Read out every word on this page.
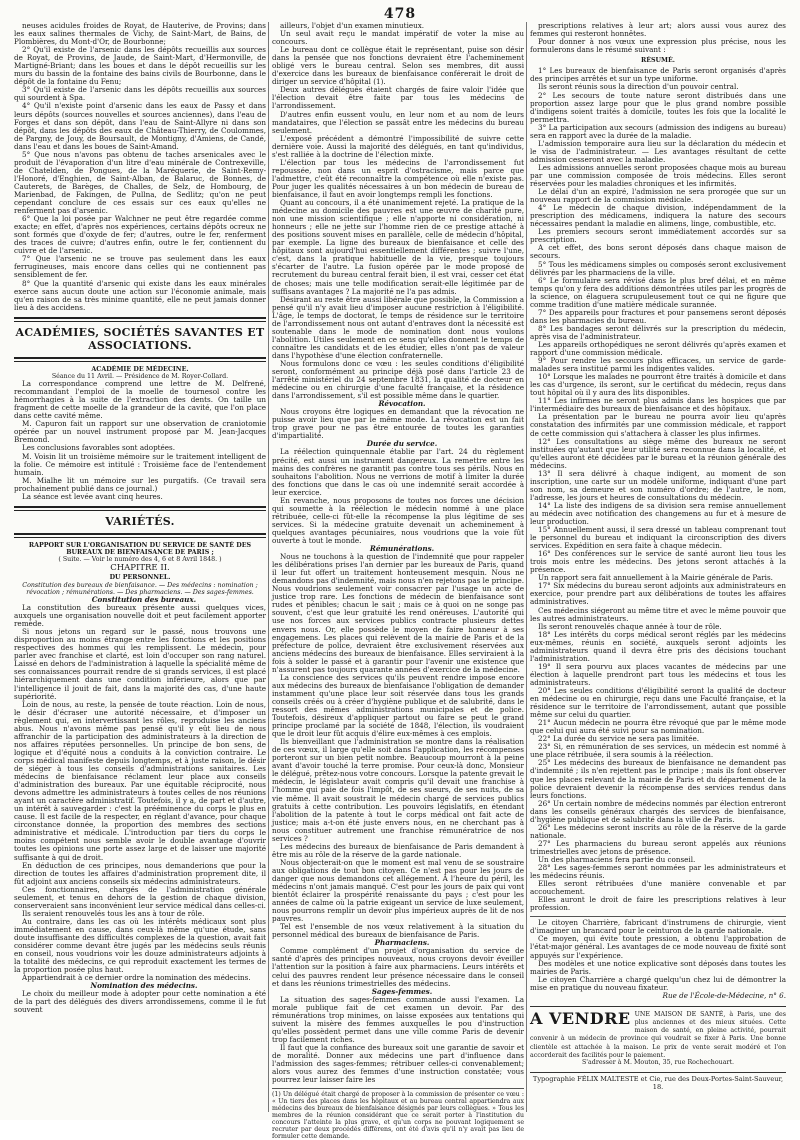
478

neuses acidules froides de Royat, de Hauterive, de Provins; dans les eaux salines thermales de Vichy, de Saint-Mart, de Bains, de Plombières, du Mont-d'Or, de Bourbonne;

2° Qu'il existe de l'arsenic dans les dépôts recueillis aux sources de Royat, de Provins, de Jaude, de Saint-Mart, d'Hermonville, de Martigné-Briant; dans les boues et dans le dépôt recueillis sur les murs du bassin de la fontaine des bains civils de Bourbonne, dans le dépôt de la fontaine du Fenu;

3° Qu'il existe de l'arsenic dans les dépôts recueillis aux sources qui sourdent à Spa.

4° Qu'il n'existe point d'arsenic dans les eaux de Passy et dans leurs dépôts (sources nouvelles et sources anciennes), dans l'eau de Forges et dans son dépôt, dans l'eau de Saint-Allyre ni dans son dépôt, dans les dépôts des eaux de Château-Thierry, de Coulommes, de Pargny, de Jouy, de Boursault, de Montigny, d'Amiens, de Candé, dans l'eau et dans les boues de Saint-Amand.

5° Que nous n'avons pas obtenu de taches arsenicales avec le produit de l'évaporation d'un litre d'eau minérale de Contrexeville, de Chatelden, de Pongues, de la Maréquerie, de Saint-Remy-l'Honoré, d'Enghien, de Saint-Alban, de Balaruc, de Bonnes, de Cauterets, de Barèges, de Challes, de Selz, de Hombourg, de Marienbad, de Fakingen, de Pullna, de Sedlitz; qu'on ne peut cependant conclure de ces essais sur ces eaux qu'elles ne renferment pas d'arsenic.

6° Que la loi posée par Walchner ne peut être regardée comme exacte; en effet, d'après nos expériences, certains dépôts ocreux ne sont formés que d'oxyde de fer; d'autres, outre le fer, renferment des traces de cuivre; d'autres enfin, outre le fer, contiennent du cuivre et de l'arsenic.

7° Que l'arsenic ne se trouve pas seulement dans les eaux ferrugineuses, mais encore dans celles qui ne contiennent pas sensiblement de fer.

8° Que la quantité d'arsenic qui existe dans les eaux minérales exerce sans aucun doute une action sur l'économie animale, mais qu'en raison de sa très minime quantité, elle ne peut jamais donner lieu à des accidens.

ACADÉMIES, SOCIÉTÉS SAVANTES ET ASSOCIATIONS.

ACADÉMIE DE MÉDECINE.

Séance du 11 Avril. — Présidence de M. Royer-Collard.

La correspondance comprend une lettre de M. Delfrené, recommandant l'emploi de la moelle de tournesol contre les hémorrhagies à la suite de l'extraction des dents. On taille un fragment de cette moelle de la grandeur de la cavité, que l'on place dans cette cavité même.

M. Capuron fait un rapport sur une observation de craniotomie opérée par un nouvel instrument proposé par M. Jean-Jacques Bremond.

Les conclusions favorables sont adoptées.

M. Voisin lit un troisième mémoire sur le traitement intelligent de la folie. Ce mémoire est intitulé : Troisième face de l'entendement humain.

M. Mialhe lit un mémoire sur les purgatifs. (Ce travail sera prochainement publié dans ce journal.)

La séance est levée avant cinq heures.

VARIÉTÉS.

RAPPORT SUR L'ORGANISATION DU SERVICE DE SANTÉ DES BUREAUX DE BIENFAISANCE DE PARIS ;

( Suite. — Voir le numéro des 4, 6 et 8 Avril 1848. )

CHAPITRE II.

DU PERSONNEL.

Constitution des bureaux de bienfaisance. — Des médecins : nomination ; révocation ; rémunérations. — Des pharmaciens. — Des sages-femmes.

Constitution des bureaux.

La constitution des bureaux présente aussi quelques vices, auxquels une organisation nouvelle doit et peut facilement apporter remède.

Si nous jetons un regard sur le passé, nous trouvons une disproportion au moins étrange entre les fonctions et les positions respectives des hommes qui les remplissent. Le médecin, pour parler avec franchise et clarté, est loin d'occuper son rang naturel. Laissé en dehors de l'administration à laquelle la spécialité même de ses connaissances pourrait rendre de si grands services, il est placé hiérarchiquement dans une condition inférieure, alors que par l'intelligence il jouit de fait, dans la majorité des cas, d'une haute supériorité.

Loin de nous, au reste, la pensée de toute réaction. Loin de nous, le désir d'écraser une autorité nécessaire, et d'imposer un règlement qui, en intervertissant les rôles, reproduise les anciens abus. Nous n'avons même pas pensé qu'il y eût lieu de nous affranchir de la participation des administrateurs à la direction de nos affaires réputées personnelles. Un principe de bon sens, de logique et d'équité nous a conduits à la conviction contraire. Le corps médical manifeste depuis longtemps, et à juste raison, le désir de siéger à tous les conseils d'administrations sanitaires. Les médecins de bienfaisance réclament leur place aux conseils d'administration des bureaux. Par une équitable réciprocité, nous devons admettre les administrateurs à toutes celles de nos réunions ayant un caractère administratif. Toutefois, il y a, de part et d'autre, un intérêt à sauvegarder : c'est la prééminence du corps le plus en cause. Il est facile de la respecter, en réglant d'avance, pour chaque circonstance donnée, la proportion des membres des sections administrative et médicale. L'introduction par tiers du corps le moins compétent nous semble avoir le double avantage d'ouvrir toutes les opinions une porte assez large et de laisser une majorité suffisante à qui de droit.

En déduction de ces principes, nous demanderions que pour la direction de toutes les affaires d'administration proprement dite, il fût adjoint aux anciens conseils six médecins administrateurs.

Ces fonctionnaires, chargés de l'administration générale seulement, et tenus en dehors de la gestion de chaque division, conserveraient sans inconvénient leur service médical dans celles-ci.

Ils seraient renouvelés tous les ans à tour de rôle.

Au contraire, dans les cas où les intérêts médicaux sont plus immédiatement en cause, dans ceux-là même qu'une étude, sans doute insuffisante des difficultés complexes de la question, avait fait considérer comme devant être jugés par les médecins seuls réunis en conseil, nous voudrions voir les douze administrateurs adjoints à la totalité des médecins, ce qui reproduit exactement les termes de la proportion posée plus haut.

Appartiendrait à ce dernier ordre la nomination des médecins.

Nomination des médecins.

Le choix du meilleur mode à adopter pour cette nomination a été de la part des délégués des divers arrondissemens, comme il le fut souvent

ailleurs, l'objet d'un examen minutieux.

Un seul avait reçu le mandat impératif de voter la mise au concours.

Le bureau dont ce collègue était le représentant, puise son désir dans la pensée que nos fonctions devraient être l'acheminement obligé vers le bureau central. Selon ses membres, dit aussi d'exercice dans les bureaux de bienfaisance conférerait le droit de diriger un service d'hôpital (1).

Deux autres délégués étaient chargés de faire valoir l'idée que l'élection devait être faite par tous les médecins de l'arrondissement.

D'autres enfin eussent voulu, en leur nom et au nom de leurs mandataires, que l'élection se passât entre les médecins du bureau seulement.

L'exposé précédent a démontré l'impossibilité de suivre cette dernière voie. Aussi la majorité des délégués, en tant qu'individus, s'est ralliée à la doctrine de l'élection mixte.

L'élection par tous les médecins de l'arrondissement fut repoussée, non dans un esprit d'ostracisme, mais parce que l'admettre, c'eût été reconnaître la compétence où elle n'existe pas. Pour juger les qualités nécessaires à un bon médecin de bureau de bienfaisance, il faut en avoir longtemps rempli les fonctions.

Quant au concours, il a été unanimement rejeté. La pratique de la médecine au domicile des pauvres est une œuvre de charité pure, non une mission scientifique ; elle n'apporte ni considération, ni honneurs ; elle ne jette sur l'homme rien de ce prestige attaché à des positions souvent mises en parallèle, celle de médecin d'hôpital, par exemple. La ligne des bureaux de bienfaisance et celle des hôpitaux sont aujourd'hui essentiellement différentes ; suivre l'une, c'est, dans la pratique habituelle de la vie, presque toujours s'écarter de l'autre. La fusion opérée par le mode proposé de recrutement du bureau central ferait bien, il est vrai, cesser cet état de choses; mais une telle modification serait-elle légitimée par de suffisans avantages ? La majorité ne l'a pas admis.

Désirant au reste être aussi libérale que possible, la Commission a pensé qu'il n'y avait lieu d'imposer aucune restriction à l'éligibilité. L'âge, le temps de doctorat, le temps de résidence sur le territoire de l'arrondissement nous ont autant d'entraves dont la nécessité est soutenable dans le mode de nomination dont nous voulons l'abolition. Utiles seulement en ce sens qu'elles donnent le temps de connaître les candidats et de les étudier, elles n'ont pas de valeur dans l'hypothèse d'une élection confraternelle.

Nous formulons donc ce vœu : les seules conditions d'éligibilité seront, conformément au principe déjà posé dans l'article 23 de l'arrêté ministériel du 24 septembre 1831, la qualité de docteur en médecine ou en chirurgie d'une faculté française, et la résidence dans l'arrondissement, s'il est possible même dans le quartier.

Révocation.

Nous croyons être logiques en demandant que la révocation ne puisse avoir lieu que par le même mode. La révocation est un fait trop grave pour ne pas être entourée de toutes les garanties d'impartialité.

Durée du service.

La réélection quinquennale établie par l'art. 24 du règlement précité, est aussi un instrument dangereux. La remettre entre les mains des confrères ne garantit pas contre tous ses périls. Nous en souhaitons l'abolition. Nous ne verrions de motif à limiter la durée des fonctions que dans le cas où une indemnité serait accordée à leur exercice.

En revanche, nous proposons de toutes nos forces une décision qui soumette à la réélection le médecin nommé à une place rétribuée, celle-ci fût-elle la récompense la plus légitime de ses services. Si la médecine gratuite devenait un acheminement à quelques avantages pécuniaires, nous voudrions que la voie fût ouverte à tout le monde.

Rémunérations.

Nous ne touchons à la question de l'indemnité que pour rappeler les délibérations prises l'an dernier par les bureaux de Paris, quand il leur fut offert un traitement honteusement mesquin. Nous ne demandons pas d'indemnité, mais nous n'en rejetons pas le principe. Nous voudrions seulement voir consacrer par l'usage un acte de justice trop rare. Les fonctions de médecin de bienfaisance sont rudes et pénibles; chacun le sait ; mais ce à quoi on ne songe pas souvent, c'est que leur gratuité les rend onéreuses. L'autorité qui use nos forces aux services publics contracte plusieurs dettes envers nous. Or, elle possède le moyen de faire honneur à ses engagemens. Les places qui relèvent de la mairie de Paris et de la préfecture de police, devraient être exclusivement réservées aux anciens médecins des bureaux de bienfaisance. Elles serviraient à la fois à solder le passé et à garantir pour l'avenir une existence que n'assurent pas toujours quarante années d'exercice de la médecine.

La conscience des services qu'ils peuvent rendre impose encore aux médecins des bureaux de bienfaisance l'obligation de demander instamment qu'une place leur soit réservée dans tous les grands conseils créés ou à créer d'hygiène publique et de salubrité, dans le ressort des mêmes administrations municipales et de police. Toutefois, désireux d'appliquer partout ou faire se peut le grand principe proclamé par la société de 1848, l'élection, ils voudraient que le droit leur fût acquis d'élire eux-mêmes à ces emplois.

Ils bienveillant que l'administration se montre dans la réalisation de ces vœux, il large qu'elle soit dans l'application, les récompenses porteront sur un bien petit nombre. Beaucoup mourront à la peine avant d'avoir touché la terre promise. Pour ceux-là donc, Monsieur le délégué, prêtez-nous votre concours. Lorsque la patente grevait le médecin, le législateur avait compris qu'il devait une franchise à l'homme qui paie de fois l'impôt, de ses sueurs, de ses nuits, de sa vie même. Il avait soustrait le médecin chargé de services publics gratuits à cette contribution. Les pouvoirs législatifs, en étendant l'abolition de la patente à tout le corps médical ont fait acte de justice; mais a-t-on été juste envers nous, en ne cherchant pas à nous constituer autrement une franchise rémunératrice de nos services ?

Les médecins des bureaux de bienfaisance de Paris demandent à être mis au rôle de la réserve de la garde nationale.

Nous objecterait-on que le moment est mal venu de se soustraire aux obligations de tout bon citoyen. Ce n'est pas pour les jours de danger que nous demandons cet allégement. À l'heure du péril, les médecins n'ont jamais manqué. C'est pour les jours de paix qui vont bientôt éclairer la prospérité renaissante du pays ; c'est pour les années de calme où la patrie exigeant un service de luxe seulement, nous pourrons remplir un devoir plus impérieux auprès de lit de nos pauvres.

Tel est l'ensemble de nos vœux relativement à la situation du personnel médical des bureaux de bienfaisance de Paris.

Pharmaciens.

Comme complément d'un projet d'organisation du service de santé d'après des principes nouveaux, nous croyons devoir éveiller l'attention sur la position à faire aux pharmaciens. Leurs intérêts et celui des pauvres rendent leur présence nécessaire dans le conseil et dans les réunions trimestrielles des médecins.

Sages-femmes.

La situation des sages-femmes commande aussi l'examen. La morale publique fait de cet examen un devoir. Par des rémunérations trop minimes, on laisse exposées aux tentations qui suivent la misère des femmes auxquelles le pou d'instruction qu'elles possèdent permet dans une ville comme Paris de devenir trop facilement riches.

Il faut que la confiance des bureaux soit une garantie de savoir et de moralité. Donner aux médecins une part d'influence dans l'admission des sages-femmes; rétribuer celles-ci convenablement; alors vous aurez des femmes d'une instruction constatée; vous pourrez leur laisser faire les

(1) Un délégué était chargé de proposer à la commission de présenter ce vœu : « Un tiers des places dans les hôpitaux et au bureau central appartiendra aux médecins des bureaux de bienfaisance désignés par leurs collègues. » Tous les membres de la réunion considérant que ce serait porter à l'institution du concours l'atteinte la plus grave, et qu'un corps ne pouvant logiquement se recruter par deux procédés différens, ont été d'avis qu'il n'y avait pas lieu de formuler cette demande.

prescriptions relatives à leur art; alors aussi vous aurez des femmes qui resteront honnêtes.

Pour donner à nos vœux une expression plus précise, nous les formulerons dans le résumé suivant :

RÉSUMÉ.

1° Les bureaux de bienfaisance de Paris seront organisés d'après des principes arrêtés et sur un type uniforme.

Ils seront réunis sous la direction d'un pouvoir central.

2° Les secours de toute nature seront distribués dans une proportion assez large pour que le plus grand nombre possible d'indigens soient traités à domicile, toutes les fois que la localité le permettra.

3° La participation aux secours (admission des indigens au bureau) sera en rapport avec la durée de la maladie.

L'admission temporaire aura lieu sur la déclaration du médecin et le visa de l'administrateur. — Les avantages résultant de cette admission cesseront avec la maladie.

Les admissions annuelles seront proposées chaque mois au bureau par une commission composée de trois médecins. Elles seront réservées pour les maladies chroniques et les infirmités.

Le délai d'un an expiré, l'admission ne sera prorogée que sur un nouveau rapport de la commission médicale.

4° Le médecin de chaque division, indépendamment de la prescription des médicamens, indiquera la nature des secours nécessaires pendant la maladie en alimens, linge, combustible, etc.

Les premiers secours seront immédiatement accordés sur sa prescription.

A cet effet, des bons seront déposés dans chaque maison de secours.

5° Tous les médicamens simples ou composés seront exclusivement délivrés par les pharmaciens de la ville.

6° Le formulaire sera révisé dans le plus bref délai, et en même temps qu'on y fera des additions démontrées utiles par les progrès de la science, on élaguera scrupuleusement tout ce qui ne figure que comme tradition d'une matière médicale surannée.

7° Des appareils pour fractures et pour pansemens seront déposés dans les pharmacies du bureau.

8° Les bandages seront délivrés sur la prescription du médecin, après visa de l'administrateur.

Les appareils orthopédiques ne seront délivrés qu'après examen et rapport d'une commission médicale.

9° Pour rendre les secours plus efficaces, un service de garde-malades sera institué parmi les indigentes valides.

10° Lorsque les malades ne pourront être traités à domicile et dans les cas d'urgence, ils seront, sur le certificat du médecin, reçus dans tout hôpital où il y aura des lits disponibles.

11° Les infirmes ne seront plus admis dans les hospices que par l'intermédiaire des bureaux de bienfaisance et des hôpitaux.

La présentation par le bureau ne pourra avoir lieu qu'après constatation des infirmités par une commission médicale, et rapport de cette commission qui s'attachera à classer les plus infirmes.

12° Les consultations au siège même des bureaux ne seront instituées qu'autant que leur utilité sera reconnue dans la localité, et qu'elles auront été décidées par le bureau et la réunion générale des médecins.

13° Il sera délivré à chaque indigent, au moment de son inscription, une carte sur un modèle uniforme, indiquant d'une part son nom, sa demeure et son numéro d'ordre; de l'autre, le nom, l'adresse, les jours et heures de consultations du médecin.

14° La liste des indigens de sa division sera remise annuellement au médecin avec notification des changemens au fur et à mesure de leur production.

15° Annuellement aussi, il sera dressé un tableau comprenant tout le personnel du bureau et indiquant la circonscription des divers services. Expédition en sera faite à chaque médecin.

16° Des conférences sur le service de santé auront lieu tous les trois mois entre les médecins. Des jetons seront attachés à la présence.

Un rapport sera fait annuellement à la Mairie générale de Paris.

17° Six médecins du bureau seront adjoints aux administrateurs en exercice, pour prendre part aux délibérations de toutes les affaires administratives.

Ces médecins siégeront au même titre et avec le même pouvoir que les autres administrateurs.

Ils seront renouvelés chaque année à tour de rôle.

18° Les intérêts du corps médical seront réglés par les médecins eux-mêmes, réunis en société, auxquels seront adjoints les administrateurs quand il devra être pris des décisions touchant l'administration.

19° Il sera pourvu aux places vacantes de médecins par une élection à laquelle prendront part tous les médecins et tous les administrateurs.

20° Les seules conditions d'éligibilité seront la qualité de docteur en médecine ou en chirurgie, reçu dans une Faculté française, et la résidence sur le territoire de l'arrondissement, autant que possible même sur celui du quartier.

21° Aucun médecin ne pourra être révoqué que par le même mode que celui qui aura été suivi pour sa nomination.

22° La durée du service ne sera pas limitée.

23° Si, en rémunération de ses services, un médecin est nommé à une place rétribuée, il sera soumis à la réélection.

25° Les médecins des bureaux de bienfaisance ne demandent pas d'indemnité ; ils n'en rejettent pas le principe ; mais ils font observer que les places relevant de la mairie de Paris et du département de la police devraient devenir la récompense des services rendus dans leurs fonctions.

26° Un certain nombre de médecins nommés par élection entreront dans les conseils généraux chargés des services de bienfaisance, d'hygiène publique et de salubrité dans la ville de Paris.

26° Les médecins seront inscrits au rôle de la réserve de la garde nationale.

27° Les pharmaciens du bureau seront appelés aux réunions trimestrielles avec jetons de présence.

Un des pharmaciens fera partie du conseil.

28° Les sages-femmes seront nommées par les administrateurs et les médecins réunis.

Elles seront rétribuées d'une manière convenable et par accouchement.

Elles auront le droit de faire les prescriptions relatives à leur profession.

Le citoyen Charrière, fabricant d'instrumens de chirurgie, vient d'imaginer un brancard pour le ceinturon de la garde nationale.

Ce moyen, qui évite toute pression, a obtenu l'approbation de l'état-major général. Les avantages de ce mode nouveau de fixité sont appuyés sur l'expérience.

Des modèles et une notice explicative sont déposés dans toutes les mairies de Paris.

Le citoyen Charrière a chargé quelqu'un chez lui de démontrer la mise en pratique du nouveau fixateur.

Rue de l'École-de-Médecine, n° 6.

A VENDRE UNE MAISON DE SANTÉ, à Paris, une des plus anciennes et des mieux situées. Cette maison de santé, en pleine activité, pourrait convenir à un médecin de province qui voudrait se fixer à Paris. Une bonne clientèle est attachée à la maison. Le prix de vente serait modéré et l'on accorderait des facilités pour le paiement.

S'adresser à M. Mouton, 35, rue Rochechouart.

Typographie FÉLIX MALTESTE et Cie, rue des Deux-Portes-Saint-Sauveur, 18.
